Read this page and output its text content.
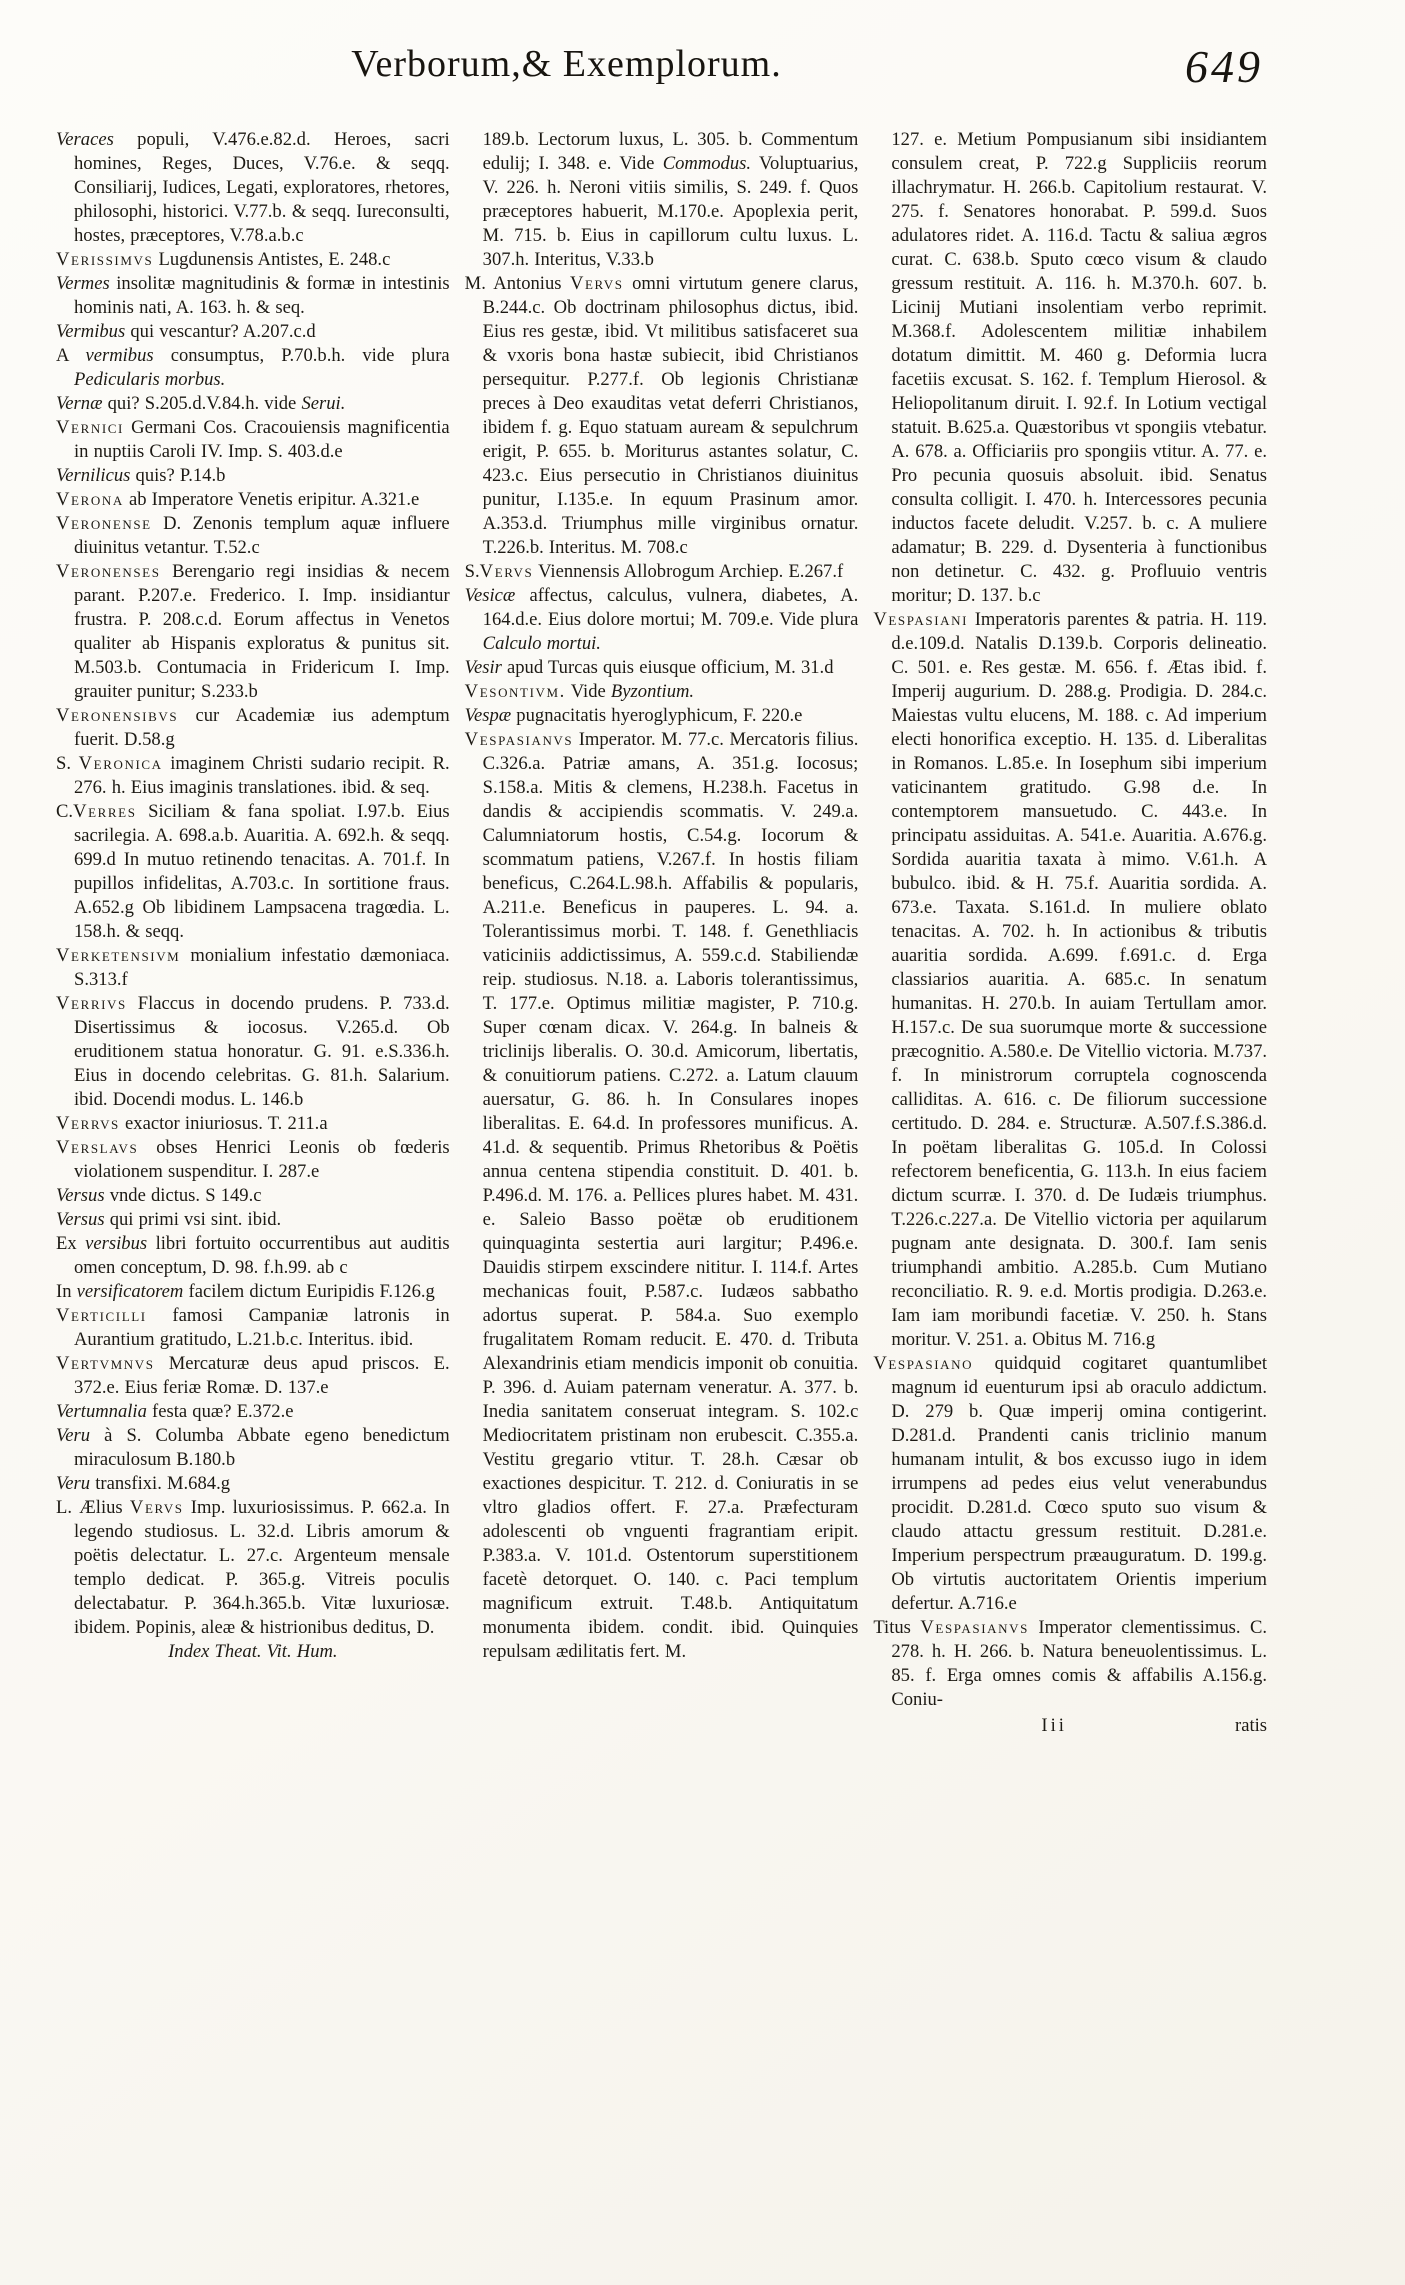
Verborum,& Exemplorum.	649

Veraces populi, V.476.e.82.d. Heroes, sacri homines, Reges, Duces, V.76.e. & seqq. Consiliarij, Iudices, Legati, exploratores, rhetores, philosophi, historici. V.77.b. & seqq. Iureconsulti, hostes, præceptores, V.78.a.b.c

Verissimvs Lugdunensis Antistes, E. 248.c

Vermes insolitæ magnitudinis & formæ in intestinis hominis nati, A. 163. h. & seq.

Vermibus qui vescantur? A.207.c.d

A vermibus consumptus, P.70.b.h. vide plura Pedicularis morbus.

Vernæ qui? S.205.d.V.84.h. vide Serui.

Vernici Germani Cos. Cracouiensis magnificentia in nuptiis Caroli IV. Imp. S. 403.d.e

Vernilicus quis? P.14.b

Verona ab Imperatore Venetis eripitur. A.321.e

Veronense D. Zenonis templum aquæ influere diuinitus vetantur. T.52.c

Veronenses Berengario regi insidias & necem parant. P.207.e. Frederico. I. Imp. insidiantur frustra. P. 208.c.d. Eorum affectus in Venetos qualiter ab Hispanis exploratus & punitus sit. M.503.b. Contumacia in Fridericum I. Imp. grauiter punitur; S.233.b

Veronensibvs cur Academiæ ius ademptum fuerit. D.58.g

S. Veronica imaginem Christi sudario recipit. R. 276. h. Eius imaginis translationes. ibid. & seq.

C.Verres Siciliam & fana spoliat. I.97.b. Eius sacrilegia. A. 698.a.b. Auaritia. A. 692.h. & seqq. 699.d In mutuo retinendo tenacitas. A. 701.f. In pupillos infidelitas, A.703.c. In sortitione fraus. A.652.g Ob libidinem Lampsacena tragœdia. L. 158.h. & seqq.

Verketensivm monialium infestatio dæmoniaca. S.313.f

Verrivs Flaccus in docendo prudens. P. 733.d. Disertissimus & iocosus. V.265.d. Ob eruditionem statua honoratur. G. 91. e.S.336.h. Eius in docendo celebritas. G. 81.h. Salarium. ibid. Docendi modus. L. 146.b

Verrvs exactor iniuriosus. T. 211.a

Verslavs obses Henrici Leonis ob fœderis violationem suspenditur. I. 287.e

Versus vnde dictus. S 149.c

Versus qui primi vsi sint. ibid.

Ex versibus libri fortuito occurrentibus aut auditis omen conceptum, D. 98. f.h.99. ab c

In versificatorem facilem dictum Euripidis F.126.g

Verticilli famosi Campaniæ latronis in Aurantium gratitudo, L.21.b.c. Interitus. ibid.

Vertvmnvs Mercaturæ deus apud priscos. E. 372.e. Eius feriæ Romæ. D. 137.e

Vertumnalia festa quæ? E.372.e

Veru à S. Columba Abbate egeno benedictum miraculosum B.180.b

Veru transfixi. M.684.g

L. Ælius Vervs Imp. luxuriosissimus. P. 662.a. In legendo studiosus. L. 32.d. Libris amorum & poëtis delectatur. L. 27.c. Argenteum mensale templo dedicat. P. 365.g. Vitreis poculis delectabatur. P. 364.h.365.b. Vitæ luxuriosæ. ibidem. Popinis, aleæ & histrionibus deditus, D.

Index Theat. Vit. Hum.

189.b. Lectorum luxus, L. 305. b. Commentum edulij; I. 348. e. Vide Commodus. Voluptuarius, V. 226. h. Neroni vitiis similis, S. 249. f. Quos præceptores habuerit, M.170.e. Apoplexia perit, M. 715. b. Eius in capillorum cultu luxus. L. 307.h. Interitus, V.33.b

M. Antonius Vervs omni virtutum genere clarus, B.244.c. Ob doctrinam philosophus dictus, ibid. Eius res gestæ, ibid. Vt militibus satisfaceret sua & vxoris bona hastæ subiecit, ibid Christianos persequitur. P.277.f. Ob legionis Christianæ preces à Deo exauditas vetat deferri Christianos, ibidem f. g. Equo statuam auream & sepulchrum erigit, P. 655. b. Moriturus astantes solatur, C. 423.c. Eius persecutio in Christianos diuinitus punitur, I.135.e. In equum Prasinum amor. A.353.d. Triumphus mille virginibus ornatur. T.226.b. Interitus. M. 708.c

S.Vervs Viennensis Allobrogum Archiep. E.267.f

Vesicæ affectus, calculus, vulnera, diabetes, A. 164.d.e. Eius dolore mortui; M. 709.e. Vide plura Calculo mortui.

Vesir apud Turcas quis eiusque officium, M. 31.d

Vesontivm. Vide Byzontium.

Vespæ pugnacitatis hyeroglyphicum, F. 220.e

Vespasianvs Imperator. M. 77.c. Mercatoris filius. C.326.a. Patriæ amans, A. 351.g. Iocosus; S.158.a. Mitis & clemens, H.238.h. Facetus in dandis & accipiendis scommatis. V. 249.a. Calumniatorum hostis, C.54.g. Iocorum & scommatum patiens, V.267.f. In hostis filiam beneficus, C.264.L.98.h. Affabilis & popularis, A.211.e. Beneficus in pauperes. L. 94. a. Tolerantissimus morbi. T. 148. f. Genethliacis vaticiniis addictissimus, A. 559.c.d. Stabiliendæ reip. studiosus. N.18. a. Laboris tolerantissimus, T. 177.e. Optimus militiæ magister, P. 710.g. Super cœnam dicax. V. 264.g. In balneis & triclinijs liberalis. O. 30.d. Amicorum, libertatis, & conuitiorum patiens. C.272. a. Latum clauum auersatur, G. 86. h. In Consulares inopes liberalitas. E. 64.d. In professores munificus. A. 41.d. & sequentib. Primus Rhetoribus & Poëtis annua centena stipendia constituit. D. 401. b. P.496.d. M. 176. a. Pellices plures habet. M. 431. e. Saleio Basso poëtæ ob eruditionem quinquaginta sestertia auri largitur; P.496.e. Dauidis stirpem exscindere nititur. I. 114.f. Artes mechanicas fouit, P.587.c. Iudæos sabbatho adortus superat. P. 584.a. Suo exemplo frugalitatem Romam reducit. E. 470. d. Tributa Alexandrinis etiam mendicis imponit ob conuitia. P. 396. d. Auiam paternam veneratur. A. 377. b. Inedia sanitatem conseruat integram. S. 102.c Mediocritatem pristinam non erubescit. C.355.a. Vestitu gregario vtitur. T. 28.h. Cæsar ob exactiones despicitur. T. 212. d. Coniuratis in se vltro gladios offert. F. 27.a. Præfecturam adolescenti ob vnguenti fragrantiam eripit. P.383.a. V. 101.d. Ostentorum superstitionem facetè detorquet. O. 140. c. Paci templum magnificum extruit. T.48.b. Antiquitatum monumenta ibidem. condit. ibid. Quinquies repulsam ædilitatis fert. M.

127. e. Metium Pompusianum sibi insidiantem consulem creat, P. 722.g Suppliciis reorum illachrymatur. H. 266.b. Capitolium restaurat. V. 275. f. Senatores honorabat. P. 599.d. Suos adulatores ridet. A. 116.d. Tactu & saliua ægros curat. C. 638.b. Sputo cœco visum & claudo gressum restituit. A. 116. h. M.370.h. 607. b. Licinij Mutiani insolentiam verbo reprimit. M.368.f. Adolescentem militiæ inhabilem dotatum dimittit. M. 460 g. Deformia lucra facetiis excusat. S. 162. f. Templum Hierosol. & Heliopolitanum diruit. I. 92.f. In Lotium vectigal statuit. B.625.a. Quæstoribus vt spongiis vtebatur. A. 678. a. Officiariis pro spongiis vtitur. A. 77. e. Pro pecunia quosuis absoluit. ibid. Senatus consulta colligit. I. 470. h. Intercessores pecunia inductos facete deludit. V.257. b. c. A muliere adamatur; B. 229. d. Dysenteria à functionibus non detinetur. C. 432. g. Profluuio ventris moritur; D. 137. b.c

Vespasiani Imperatoris parentes & patria. H. 119. d.e.109.d. Natalis D.139.b. Corporis delineatio. C. 501. e. Res gestæ. M. 656. f. Ætas ibid. f. Imperij augurium. D. 288.g. Prodigia. D. 284.c. Maiestas vultu elucens, M. 188. c. Ad imperium electi honorifica exceptio. H. 135. d. Liberalitas in Romanos. L.85.e. In Iosephum sibi imperium vaticinantem gratitudo. G.98 d.e. In contemptorem mansuetudo. C. 443.e. In principatu assiduitas. A. 541.e. Auaritia. A.676.g. Sordida auaritia taxata à mimo. V.61.h. A bubulco. ibid. & H. 75.f. Auaritia sordida. A. 673.e. Taxata. S.161.d. In muliere oblato tenacitas. A. 702. h. In actionibus & tributis auaritia sordida. A.699. f.691.c. d. Erga classiarios auaritia. A. 685.c. In senatum humanitas. H. 270.b. In auiam Tertullam amor. H.157.c. De sua suorumque morte & successione præcognitio. A.580.e. De Vitellio victoria. M.737. f. In ministrorum corruptela cognoscenda calliditas. A. 616. c. De filiorum successione certitudo. D. 284. e. Structuræ. A.507.f.S.386.d. In poëtam liberalitas G. 105.d. In Colossi refectorem beneficentia, G. 113.h. In eius faciem dictum scurræ. I. 370. d. De Iudæis triumphus. T.226.c.227.a. De Vitellio victoria per aquilarum pugnam ante designata. D. 300.f. Iam senis triumphandi ambitio. A.285.b. Cum Mutiano reconciliatio. R. 9. e.d. Mortis prodigia. D.263.e. Iam iam moribundi facetiæ. V. 250. h. Stans moritur. V. 251. a. Obitus M. 716.g

Vespasiano quidquid cogitaret quantumlibet magnum id euenturum ipsi ab oraculo addictum. D. 279 b. Quæ imperij omina contigerint. D.281.d. Prandenti canis triclinio manum humanam intulit, & bos excusso iugo in idem irrumpens ad pedes eius velut venerabundus procidit. D.281.d. Cœco sputo suo visum & claudo attactu gressum restituit. D.281.e. Imperium perspectrum præauguratum. D. 199.g. Ob virtutis auctoritatem Orientis imperium defertur. A.716.e

Titus Vespasianvs Imperator clementissimus. C. 278. h. H. 266. b. Natura beneuolentissimus. L. 85. f. Erga omnes comis & affabilis A.156.g. Coniu-

Iii	ratis
